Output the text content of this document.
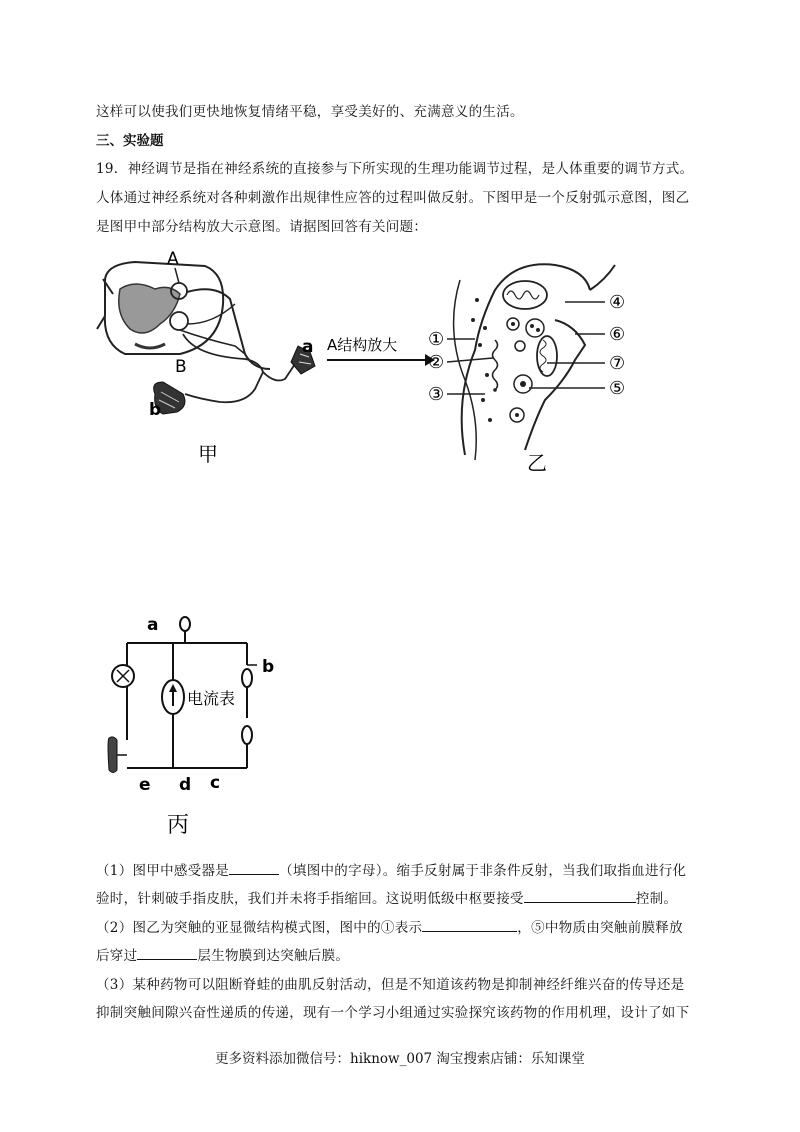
这样可以使我们更快地恢复情绪平稳，享受美好的、充满意义的生活。
三、实验题
19．神经调节是指在神经系统的直接参与下所实现的生理功能调节过程，是人体重要的调节方式。
人体通过神经系统对各种刺激作出规律性应答的过程叫做反射。下图甲是一个反射弧示意图，图乙
是图甲中部分结构放大示意图。请据图回答有关问题：
A
B
a
b
甲
A结构放大 ①
②
③
④
⑤
⑥
⑦
乙
电流表
a
b
c
d
e
丙
（1）图甲中感受器是	（填图中的字母）。缩手反射属于非条件反射，当我们取指血进行化
验时，针刺破手指皮肤，我们并未将手指缩回。这说明低级中枢要接受	控制。
（2）图乙为突触的亚显微结构模式图，图中的①表示	，⑤中物质由突触前膜释放
后穿过	层生物膜到达突触后膜。
（3）某种药物可以阻断脊蛙的曲肌反射活动，但是不知道该药物是抑制神经纤维兴奋的传导还是
抑制突触间隙兴奋性递质的传递，现有一个学习小组通过实验探究该药物的作用机理，设计了如下
更多资料添加微信号：hiknow_007 淘宝搜索店铺：乐知课堂
